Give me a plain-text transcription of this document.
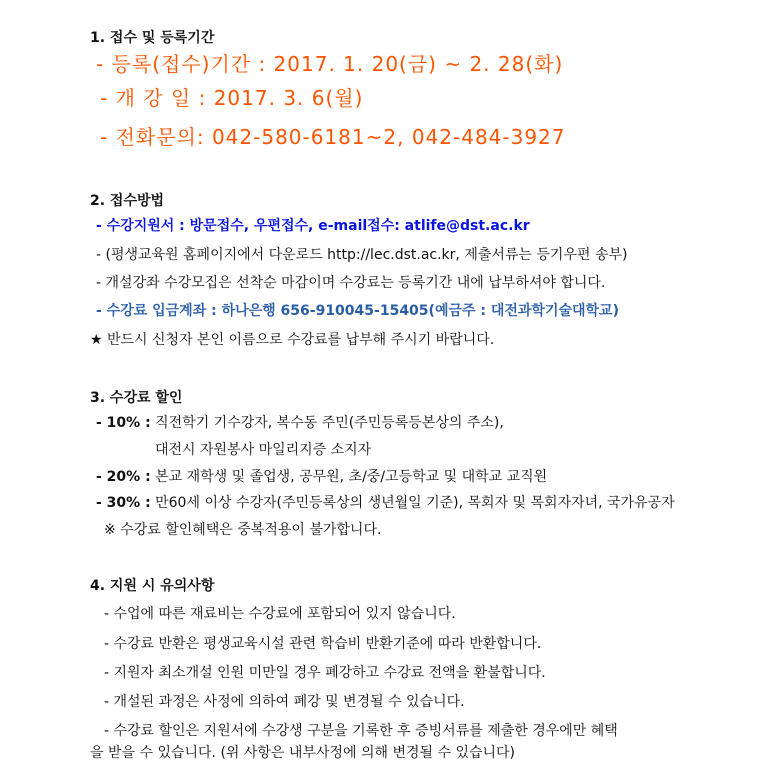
1. 접수 및 등록기간
- 등록(접수)기간 : 2017. 1. 20(금) ~ 2. 28(화)
- 개 강 일 : 2017. 3. 6(월)
- 전화문의: 042-580-6181~2, 042-484-3927
2. 접수방법
- 수강지원서 : 방문접수, 우편접수, e-mail접수: atlife@dst.ac.kr
- (평생교육원 홈페이지에서 다운로드 http://lec.dst.ac.kr, 제출서류는 등기우편 송부)
- 개설강좌 수강모집은 선착순 마감이며 수강료는 등록기간 내에 납부하셔야 합니다.
- 수강료 입금계좌 : 하나은행 656-910045-15405(예금주 : 대전과학기술대학교)
★ 반드시 신청자 본인 이름으로 수강료를 납부해 주시기 바랍니다.
3. 수강료 할인
- 10% : 직전학기 기수강자, 복수동 주민(주민등록등본상의 주소),
대전시 자원봉사 마일리지증 소지자
- 20% : 본교 재학생 및 졸업생, 공무원, 초/중/고등학교 및 대학교 교직원
- 30% : 만60세 이상 수강자(주민등록상의 생년월일 기준), 목회자 및 목회자자녀, 국가유공자
※ 수강료 할인혜택은 중복적용이 불가합니다.
4. 지원 시 유의사항
- 수업에 따른 재료비는 수강료에 포함되어 있지 않습니다.
- 수강료 반환은 평생교육시설 관련 학습비 반환기준에 따라 반환합니다.
- 지원자 최소개설 인원 미만일 경우 폐강하고 수강료 전액을 환불합니다.
- 개설된 과정은 사정에 의하여 폐강 및 변경될 수 있습니다.
- 수강료 할인은 지원서에 수강생 구분을 기록한 후 증빙서류를 제출한 경우에만 혜택
을 받을 수 있습니다. (위 사항은 내부사정에 의해 변경될 수 있습니다)
